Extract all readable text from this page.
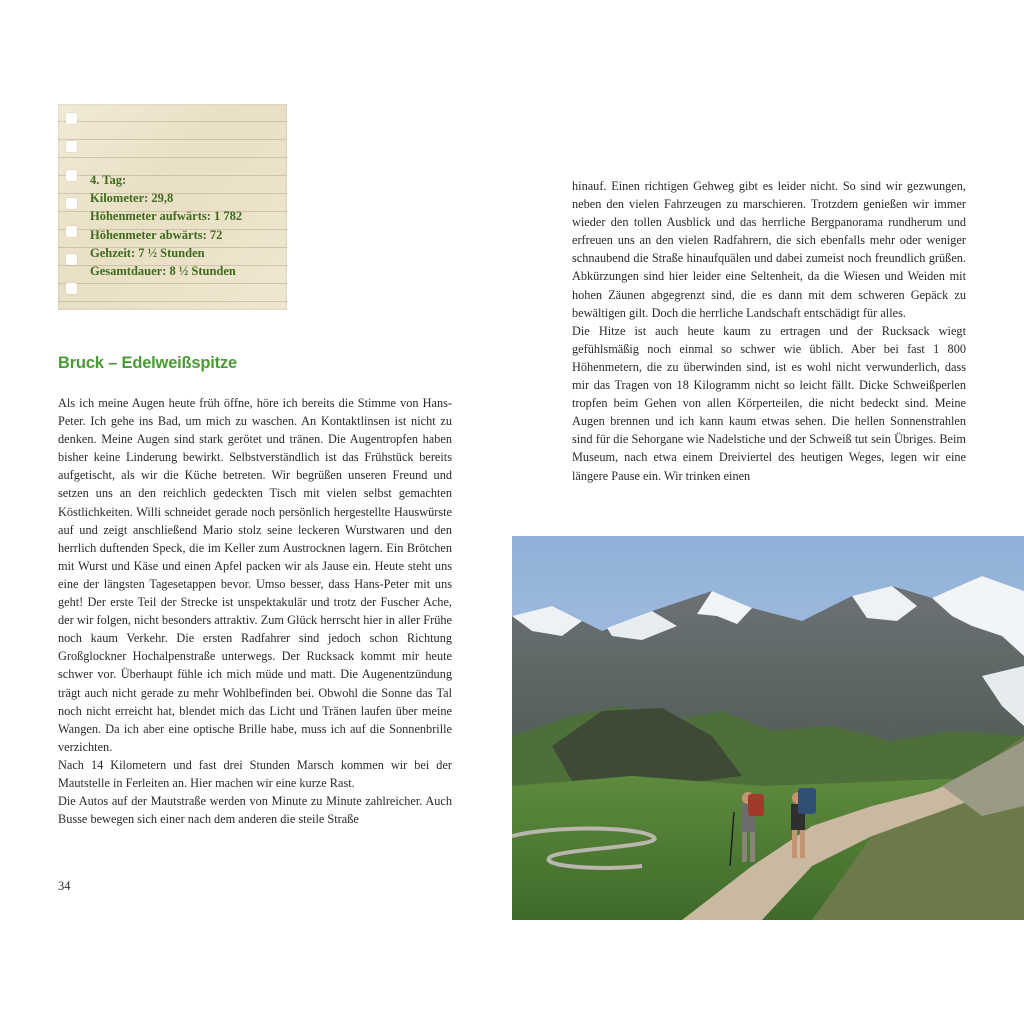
4. Tag:
Kilometer: 29,8
Höhenmeter aufwärts: 1 782
Höhenmeter abwärts: 72
Gehzeit: 7 ½ Stunden
Gesamtdauer: 8 ½ Stunden
Bruck – Edelweißspitze

Als ich meine Augen heute früh öffne, höre ich bereits die Stimme von Hans-Peter. Ich gehe ins Bad, um mich zu waschen. An Kontaktlinsen ist nicht zu denken. Meine Augen sind stark gerötet und tränen. Die Augentropfen haben bisher keine Linderung bewirkt. Selbstverständlich ist das Frühstück bereits aufgetischt, als wir die Küche betreten. Wir begrüßen unseren Freund und setzen uns an den reichlich gedeckten Tisch mit vielen selbst gemachten Köstlichkeiten. Willi schneidet gerade noch persönlich hergestellte Hauswürste auf und zeigt anschließend Mario stolz seine leckeren Wurstwaren und den herrlich duftenden Speck, die im Keller zum Austrocknen lagern. Ein Brötchen mit Wurst und Käse und einen Apfel packen wir als Jause ein. Heute steht uns eine der längsten Tagesetappen bevor. Umso besser, dass Hans-Peter mit uns geht! Der erste Teil der Strecke ist unspektakulär und trotz der Fuscher Ache, der wir folgen, nicht besonders attraktiv. Zum Glück herrscht hier in aller Frühe noch kaum Verkehr. Die ersten Radfahrer sind jedoch schon Richtung Großglockner Hochalpenstraße unterwegs. Der Rucksack kommt mir heute schwer vor. Überhaupt fühle ich mich müde und matt. Die Augenentzündung trägt auch nicht gerade zu mehr Wohlbefinden bei. Obwohl die Sonne das Tal noch nicht erreicht hat, blendet mich das Licht und Tränen laufen über meine Wangen. Da ich aber eine optische Brille habe, muss ich auf die Sonnenbrille verzichten.

Nach 14 Kilometern und fast drei Stunden Marsch kommen wir bei der Mautstelle in Ferleiten an. Hier machen wir eine kurze Rast.

Die Autos auf der Mautstraße werden von Minute zu Minute zahlreicher. Auch Busse bewegen sich einer nach dem anderen die steile Straße

34

hinauf. Einen richtigen Gehweg gibt es leider nicht. So sind wir gezwungen, neben den vielen Fahrzeugen zu marschieren. Trotzdem genießen wir immer wieder den tollen Ausblick und das herrliche Bergpanorama rundherum und erfreuen uns an den vielen Radfahrern, die sich ebenfalls mehr oder weniger schnaubend die Straße hinaufquälen und dabei zumeist noch freundlich grüßen. Abkürzungen sind hier leider eine Seltenheit, da die Wiesen und Weiden mit hohen Zäunen abgegrenzt sind, die es dann mit dem schweren Gepäck zu bewältigen gilt. Doch die herrliche Landschaft entschädigt für alles.

Die Hitze ist auch heute kaum zu ertragen und der Rucksack wiegt gefühlsmäßig noch einmal so schwer wie üblich. Aber bei fast 1 800 Höhenmetern, die zu überwinden sind, ist es wohl nicht verwunderlich, dass mir das Tragen von 18 Kilogramm nicht so leicht fällt. Dicke Schweißperlen tropfen beim Gehen von allen Körperteilen, die nicht bedeckt sind. Meine Augen brennen und ich kann kaum etwas sehen. Die hellen Sonnenstrahlen sind für die Sehorgane wie Nadelstiche und der Schweiß tut sein Übriges. Beim Museum, nach etwa einem Dreiviertel des heutigen Weges, legen wir eine längere Pause ein. Wir trinken einen
